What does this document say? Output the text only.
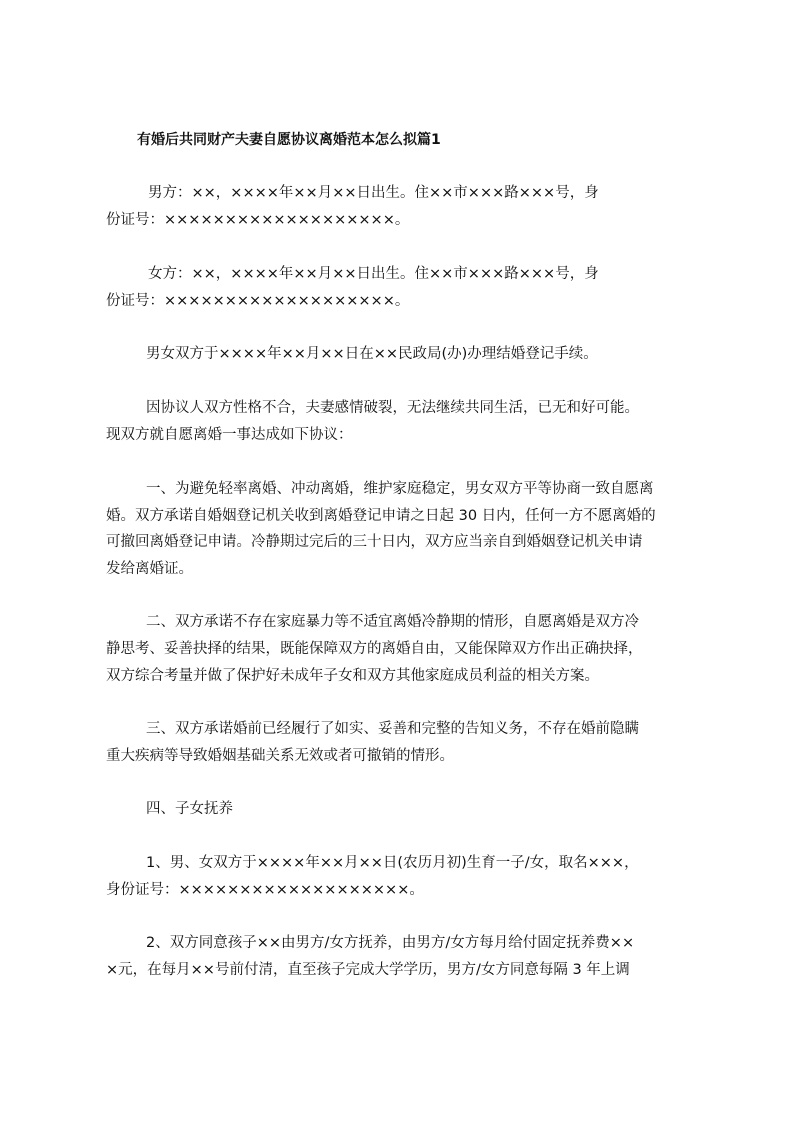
有婚后共同财产夫妻自愿协议离婚范本怎么拟篇1
男方：××，××××年××月××日出生。住××市×××路×××号，身
份证号：×××××××××××××××××××。
女方：××，××××年××月××日出生。住××市×××路×××号，身
份证号：×××××××××××××××××××。
男女双方于××××年××月××日在××民政局(办)办理结婚登记手续。
因协议人双方性格不合，夫妻感情破裂，无法继续共同生活，已无和好可能。
现双方就自愿离婚一事达成如下协议：
一、为避免轻率离婚、冲动离婚，维护家庭稳定，男女双方平等协商一致自愿离
婚。双方承诺自婚姻登记机关收到离婚登记申请之日起 30 日内，任何一方不愿离婚的
可撤回离婚登记申请。冷静期过完后的三十日内，双方应当亲自到婚姻登记机关申请
发给离婚证。
二、双方承诺不存在家庭暴力等不适宜离婚冷静期的情形，自愿离婚是双方冷
静思考、妥善抉择的结果，既能保障双方的离婚自由，又能保障双方作出正确抉择，
双方综合考量并做了保护好未成年子女和双方其他家庭成员利益的相关方案。
三、双方承诺婚前已经履行了如实、妥善和完整的告知义务，不存在婚前隐瞒
重大疾病等导致婚姻基础关系无效或者可撤销的情形。
四、子女抚养
1、男、女双方于××××年××月××日(农历月初)生育一子/女，取名×××，
身份证号：×××××××××××××××××××。
2、双方同意孩子××由男方/女方抚养，由男方/女方每月给付固定抚养费××
×元，在每月××号前付清，直至孩子完成大学学历，男方/女方同意每隔 3 年上调
